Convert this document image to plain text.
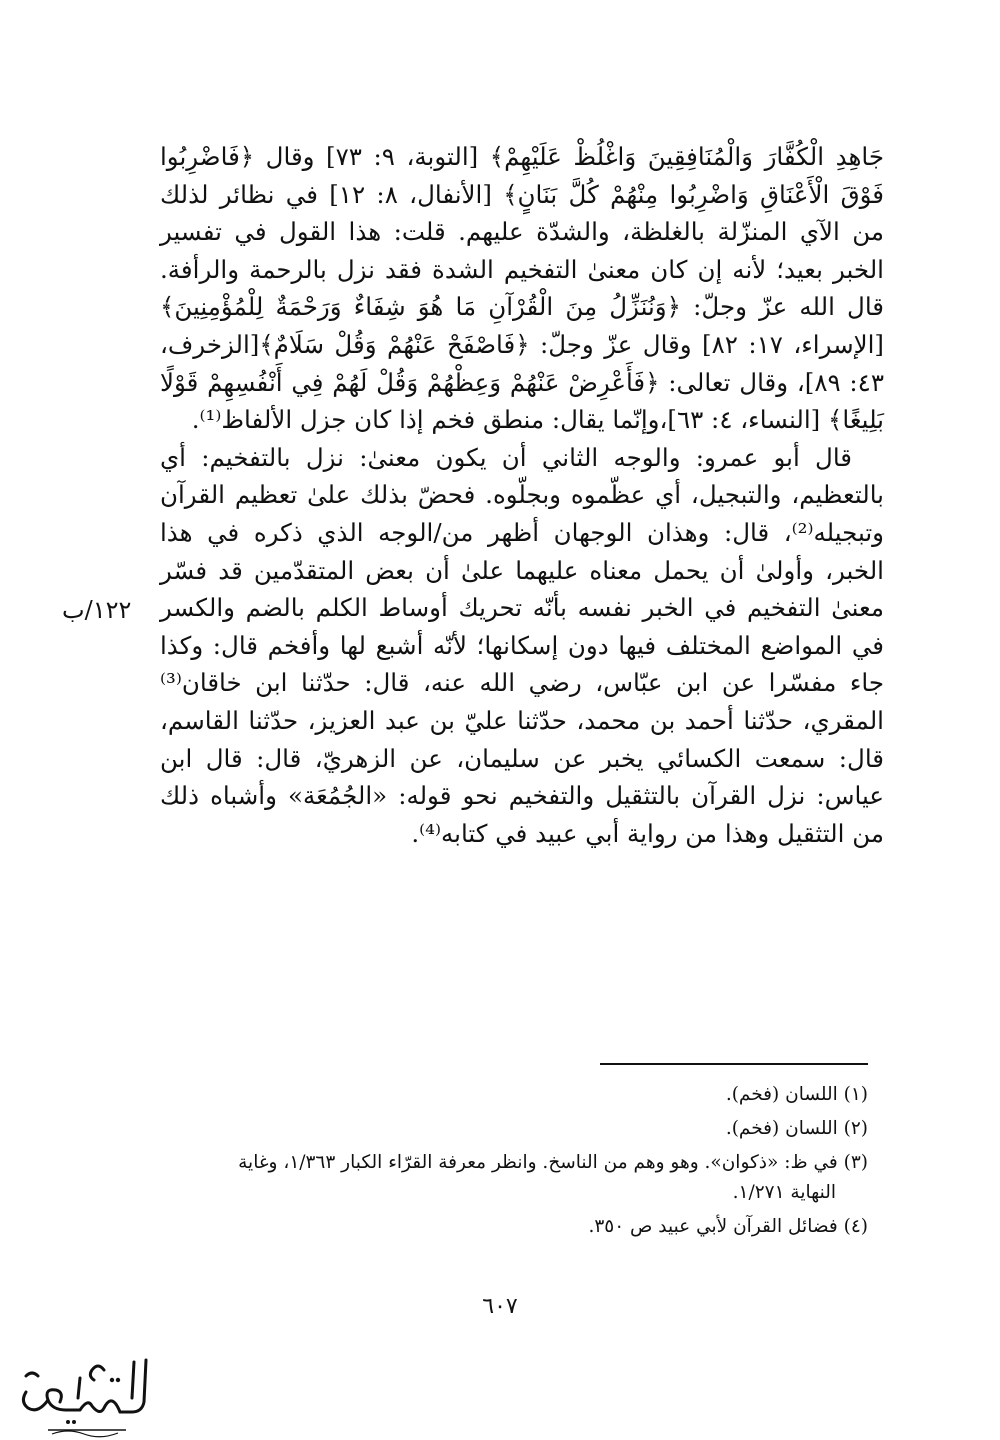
جَاهِدِ الْكُفَّارَ وَالْمُنَافِقِينَ وَاغْلُظْ عَلَيْهِمْ﴾ [التوبة، ٩: ٧٣] وقال ﴿فَاضْرِبُوا فَوْقَ الْأَعْنَاقِ وَاضْرِبُوا مِنْهُمْ كُلَّ بَنَانٍ﴾ [الأنفال، ٨: ١٢] في نظائر لذلك من الآي المنزّلة بالغلظة، والشدّة عليهم. قلت: هذا القول في تفسير الخبر بعيد؛ لأنه إن كان معنىٰ التفخيم الشدة فقد نزل بالرحمة والرأفة. قال الله عزّ وجلّ: ﴿وَنُنَزِّلُ مِنَ الْقُرْآنِ مَا هُوَ شِفَاءٌ وَرَحْمَةٌ لِلْمُؤْمِنِينَ﴾ [الإسراء، ١٧: ٨٢] وقال عزّ وجلّ: ﴿فَاصْفَحْ عَنْهُمْ وَقُلْ سَلَامٌ﴾[الزخرف، ٤٣: ٨٩]، وقال تعالى: ﴿فَأَعْرِضْ عَنْهُمْ وَعِظْهُمْ وَقُلْ لَهُمْ فِي أَنْفُسِهِمْ قَوْلًا بَلِيغًا﴾ [النساء، ٤: ٦٣]،وإنّما يقال: منطق فخم إذا كان جزل الألفاظ⁽¹⁾.

قال أبو عمرو: والوجه الثاني أن يكون معنىٰ: نزل بالتفخيم: أي بالتعظيم، والتبجيل، أي عظّموه وبجلّوه. فحضّ بذلك علىٰ تعظيم القرآن وتبجيله⁽²⁾، قال: وهذان الوجهان أظهر من/الوجه الذي ذكره في هذا الخبر، وأولىٰ أن يحمل معناه عليهما علىٰ أن بعض المتقدّمين قد فسّر معنىٰ التفخيم في الخبر نفسه بأنّه تحريك أوساط الكلم بالضم والكسر في المواضع المختلف فيها دون إسكانها؛ لأنّه أشبع لها وأفخم قال: وكذا جاء مفسّرا عن ابن عبّاس، رضي الله عنه، قال: حدّثنا ابن خاقان⁽³⁾ المقري، حدّثنا أحمد بن محمد، حدّثنا عليّ بن عبد العزيز، حدّثنا القاسم، قال: سمعت الكسائي يخبر عن سليمان، عن الزهريّ، قال: قال ابن عياس: نزل القرآن بالتثقيل والتفخيم نحو قوله: «الجُمُعَة» وأشباه ذلك من التثقيل وهذا من رواية أبي عبيد في كتابه⁽⁴⁾.

١٢٢/ب

(١) اللسان (فخم).

(٢) اللسان (فخم).

(٣) في ظ: «ذكوان». وهو وهم من الناسخ. وانظر معرفة القرّاء الكبار ١/٣٦٣، وغاية
النهاية ١/٢٧١.

(٤) فضائل القرآن لأبي عبيد ص ٣٥٠.

٦٠٧
